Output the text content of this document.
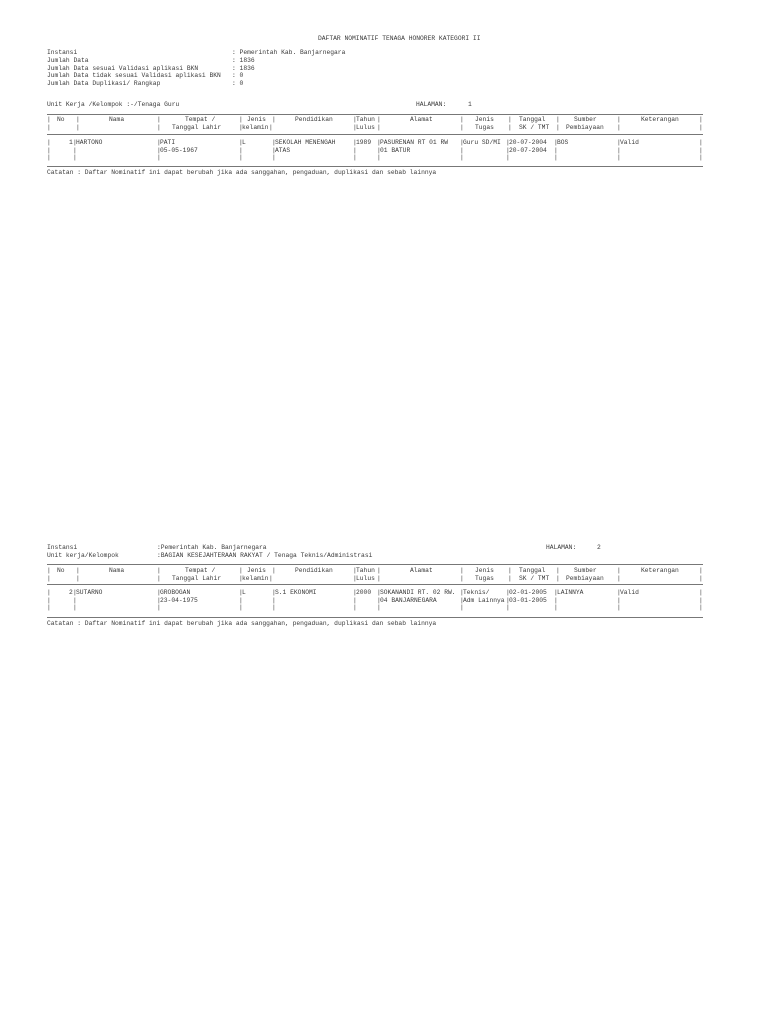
DAFTAR NOMINATIF TENAGA HONORER KATEGORI II
Instansi	: Pemerintah Kab. Banjarnegara
Jumlah Data	: 1836
Jumlah Data sesuai Validasi aplikasi BKN	: 1836
Jumlah Data tidak sesuai Validasi aplikasi BKN : 0
Jumlah Data Duplikasi/ Rangkap	: 0
Unit Kerja /Kelompok :-/Tenaga Guru	HALAMAN:	1
| No |	Nama	|	Tempat /	| Jenis |	Pendidikan	| Tahun |	Alamat	| Jenis | Tanggal | Sumber	|	Keterangan	|
|	|	| Tanggal Lahir	| kelamin |	| Lulus |	| Tugas | SK / TMT | Pembiayaan |	|
|	1 | HARTONO	| PATI	| L	| SEKOLAH MENENGAH	| 1989 | PASURENAN RT 01 RW | Guru SD/MI | 20-07-2004 | BOS	| Valid	|
|	|	| 05-05-1967	|	| ATAS	|	| 01 BATUR	|	| 20-07-2004 |	|	|
|	|	|	|	|	|	|	|	|	|	|	|
Catatan : Daftar Nominatif ini dapat berubah jika ada sanggahan, pengaduan, duplikasi dan sebab lainnya
Instansi	:Pemerintah Kab. Banjarnegara	HALAMAN:	2
Unit kerja/Kelompok	:BAGIAN KESEJAHTERAAN RAKYAT / Tenaga Teknis/Administrasi
| No |	Nama	|	Tempat /	| Jenis |	Pendidikan	| Tahun |	Alamat	| Jenis | Tanggal | Sumber	|	Keterangan	|
|	|	| Tanggal Lahir	| kelamin |	| Lulus |	| Tugas | SK / TMT | Pembiayaan |	|
|	2 | SUTARNO	| GROBOGAN	| L	| S.1 EKONOMI	| 2000 | SOKANANDI RT. 02 RW. | Teknis/	| 02-01-2005 | LAINNYA	| Valid	|
|	|	| 23-04-1975	|	|	|	| 04 BANJARNEGARA	| Adm Lainnya | 03-01-2005 |	|	|
|	|	|	|	|	|	|	|	|	|	|	|
Catatan : Daftar Nominatif ini dapat berubah jika ada sanggahan, pengaduan, duplikasi dan sebab lainnya
